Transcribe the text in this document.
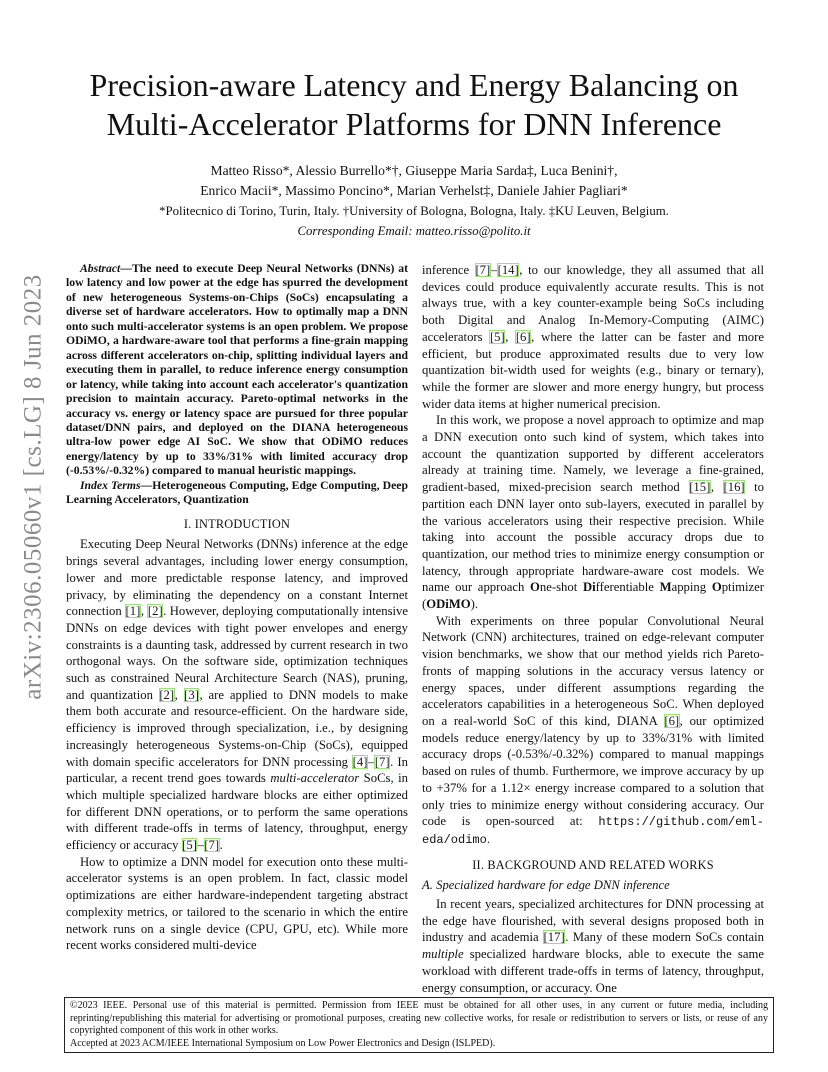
arXiv:2306.05060v1 [cs.LG] 8 Jun 2023
Precision-aware Latency and Energy Balancing on Multi-Accelerator Platforms for DNN Inference
Matteo Risso*, Alessio Burrello*†, Giuseppe Maria Sarda‡, Luca Benini†,
Enrico Macii*, Massimo Poncino*, Marian Verhelst‡, Daniele Jahier Pagliari*
*Politecnico di Torino, Turin, Italy. †University of Bologna, Bologna, Italy. ‡KU Leuven, Belgium.
Corresponding Email: matteo.risso@polito.it

Abstract—The need to execute Deep Neural Networks (DNNs) at low latency and low power at the edge has spurred the development of new heterogeneous Systems-on-Chips (SoCs) encapsulating a diverse set of hardware accelerators. How to optimally map a DNN onto such multi-accelerator systems is an open problem. We propose ODiMO, a hardware-aware tool that performs a fine-grain mapping across different accelerators on-chip, splitting individual layers and executing them in parallel, to reduce inference energy consumption or latency, while taking into account each accelerator's quantization precision to maintain accuracy. Pareto-optimal networks in the accuracy vs. energy or latency space are pursued for three popular dataset/DNN pairs, and deployed on the DIANA heterogeneous ultra-low power edge AI SoC. We show that ODiMO reduces energy/latency by up to 33%/31% with limited accuracy drop (-0.53%/-0.32%) compared to manual heuristic mappings.

Index Terms—Heterogeneous Computing, Edge Computing, Deep Learning Accelerators, Quantization

I. INTRODUCTION

Executing Deep Neural Networks (DNNs) inference at the edge brings several advantages, including lower energy consumption, lower and more predictable response latency, and improved privacy, by eliminating the dependency on a constant Internet connection [1], [2]. However, deploying computationally intensive DNNs on edge devices with tight power envelopes and energy constraints is a daunting task, addressed by current research in two orthogonal ways. On the software side, optimization techniques such as constrained Neural Architecture Search (NAS), pruning, and quantization [2], [3], are applied to DNN models to make them both accurate and resource-efficient. On the hardware side, efficiency is improved through specialization, i.e., by designing increasingly heterogeneous Systems-on-Chip (SoCs), equipped with domain specific accelerators for DNN processing [4]–[7]. In particular, a recent trend goes towards multi-accelerator SoCs, in which multiple specialized hardware blocks are either optimized for different DNN operations, or to perform the same operations with different trade-offs in terms of latency, throughput, energy efficiency or accuracy [5]–[7].

How to optimize a DNN model for execution onto these multi-accelerator systems is an open problem. In fact, classic model optimizations are either hardware-independent targeting abstract complexity metrics, or tailored to the scenario in which the entire network runs on a single device (CPU, GPU, etc). While more recent works considered multi-device

inference [7]–[14], to our knowledge, they all assumed that all devices could produce equivalently accurate results. This is not always true, with a key counter-example being SoCs including both Digital and Analog In-Memory-Computing (AIMC) accelerators [5], [6], where the latter can be faster and more efficient, but produce approximated results due to very low quantization bit-width used for weights (e.g., binary or ternary), while the former are slower and more energy hungry, but process wider data items at higher numerical precision.

In this work, we propose a novel approach to optimize and map a DNN execution onto such kind of system, which takes into account the quantization supported by different accelerators already at training time. Namely, we leverage a fine-grained, gradient-based, mixed-precision search method [15], [16] to partition each DNN layer onto sub-layers, executed in parallel by the various accelerators using their respective precision. While taking into account the possible accuracy drops due to quantization, our method tries to minimize energy consumption or latency, through appropriate hardware-aware cost models. We name our approach One-shot Differentiable Mapping Optimizer (ODiMO).

With experiments on three popular Convolutional Neural Network (CNN) architectures, trained on edge-relevant computer vision benchmarks, we show that our method yields rich Pareto-fronts of mapping solutions in the accuracy versus latency or energy spaces, under different assumptions regarding the accelerators capabilities in a heterogeneous SoC. When deployed on a real-world SoC of this kind, DIANA [6], our optimized models reduce energy/latency by up to 33%/31% with limited accuracy drops (-0.53%/-0.32%) compared to manual mappings based on rules of thumb. Furthermore, we improve accuracy by up to +37% for a 1.12× energy increase compared to a solution that only tries to minimize energy without considering accuracy. Our code is open-sourced at: https://github.com/eml-eda/odimo.

II. BACKGROUND AND RELATED WORKS
A. Specialized hardware for edge DNN inference

In recent years, specialized architectures for DNN processing at the edge have flourished, with several designs proposed both in industry and academia [17]. Many of these modern SoCs contain multiple specialized hardware blocks, able to execute the same workload with different trade-offs in terms of latency, throughput, energy consumption, or accuracy. One

©2023 IEEE. Personal use of this material is permitted. Permission from IEEE must be obtained for all other uses, in any current or future media, including reprinting/republishing this material for advertising or promotional purposes, creating new collective works, for resale or redistribution to servers or lists, or reuse of any copyrighted component of this work in other works.
Accepted at 2023 ACM/IEEE International Symposium on Low Power Electronics and Design (ISLPED).
